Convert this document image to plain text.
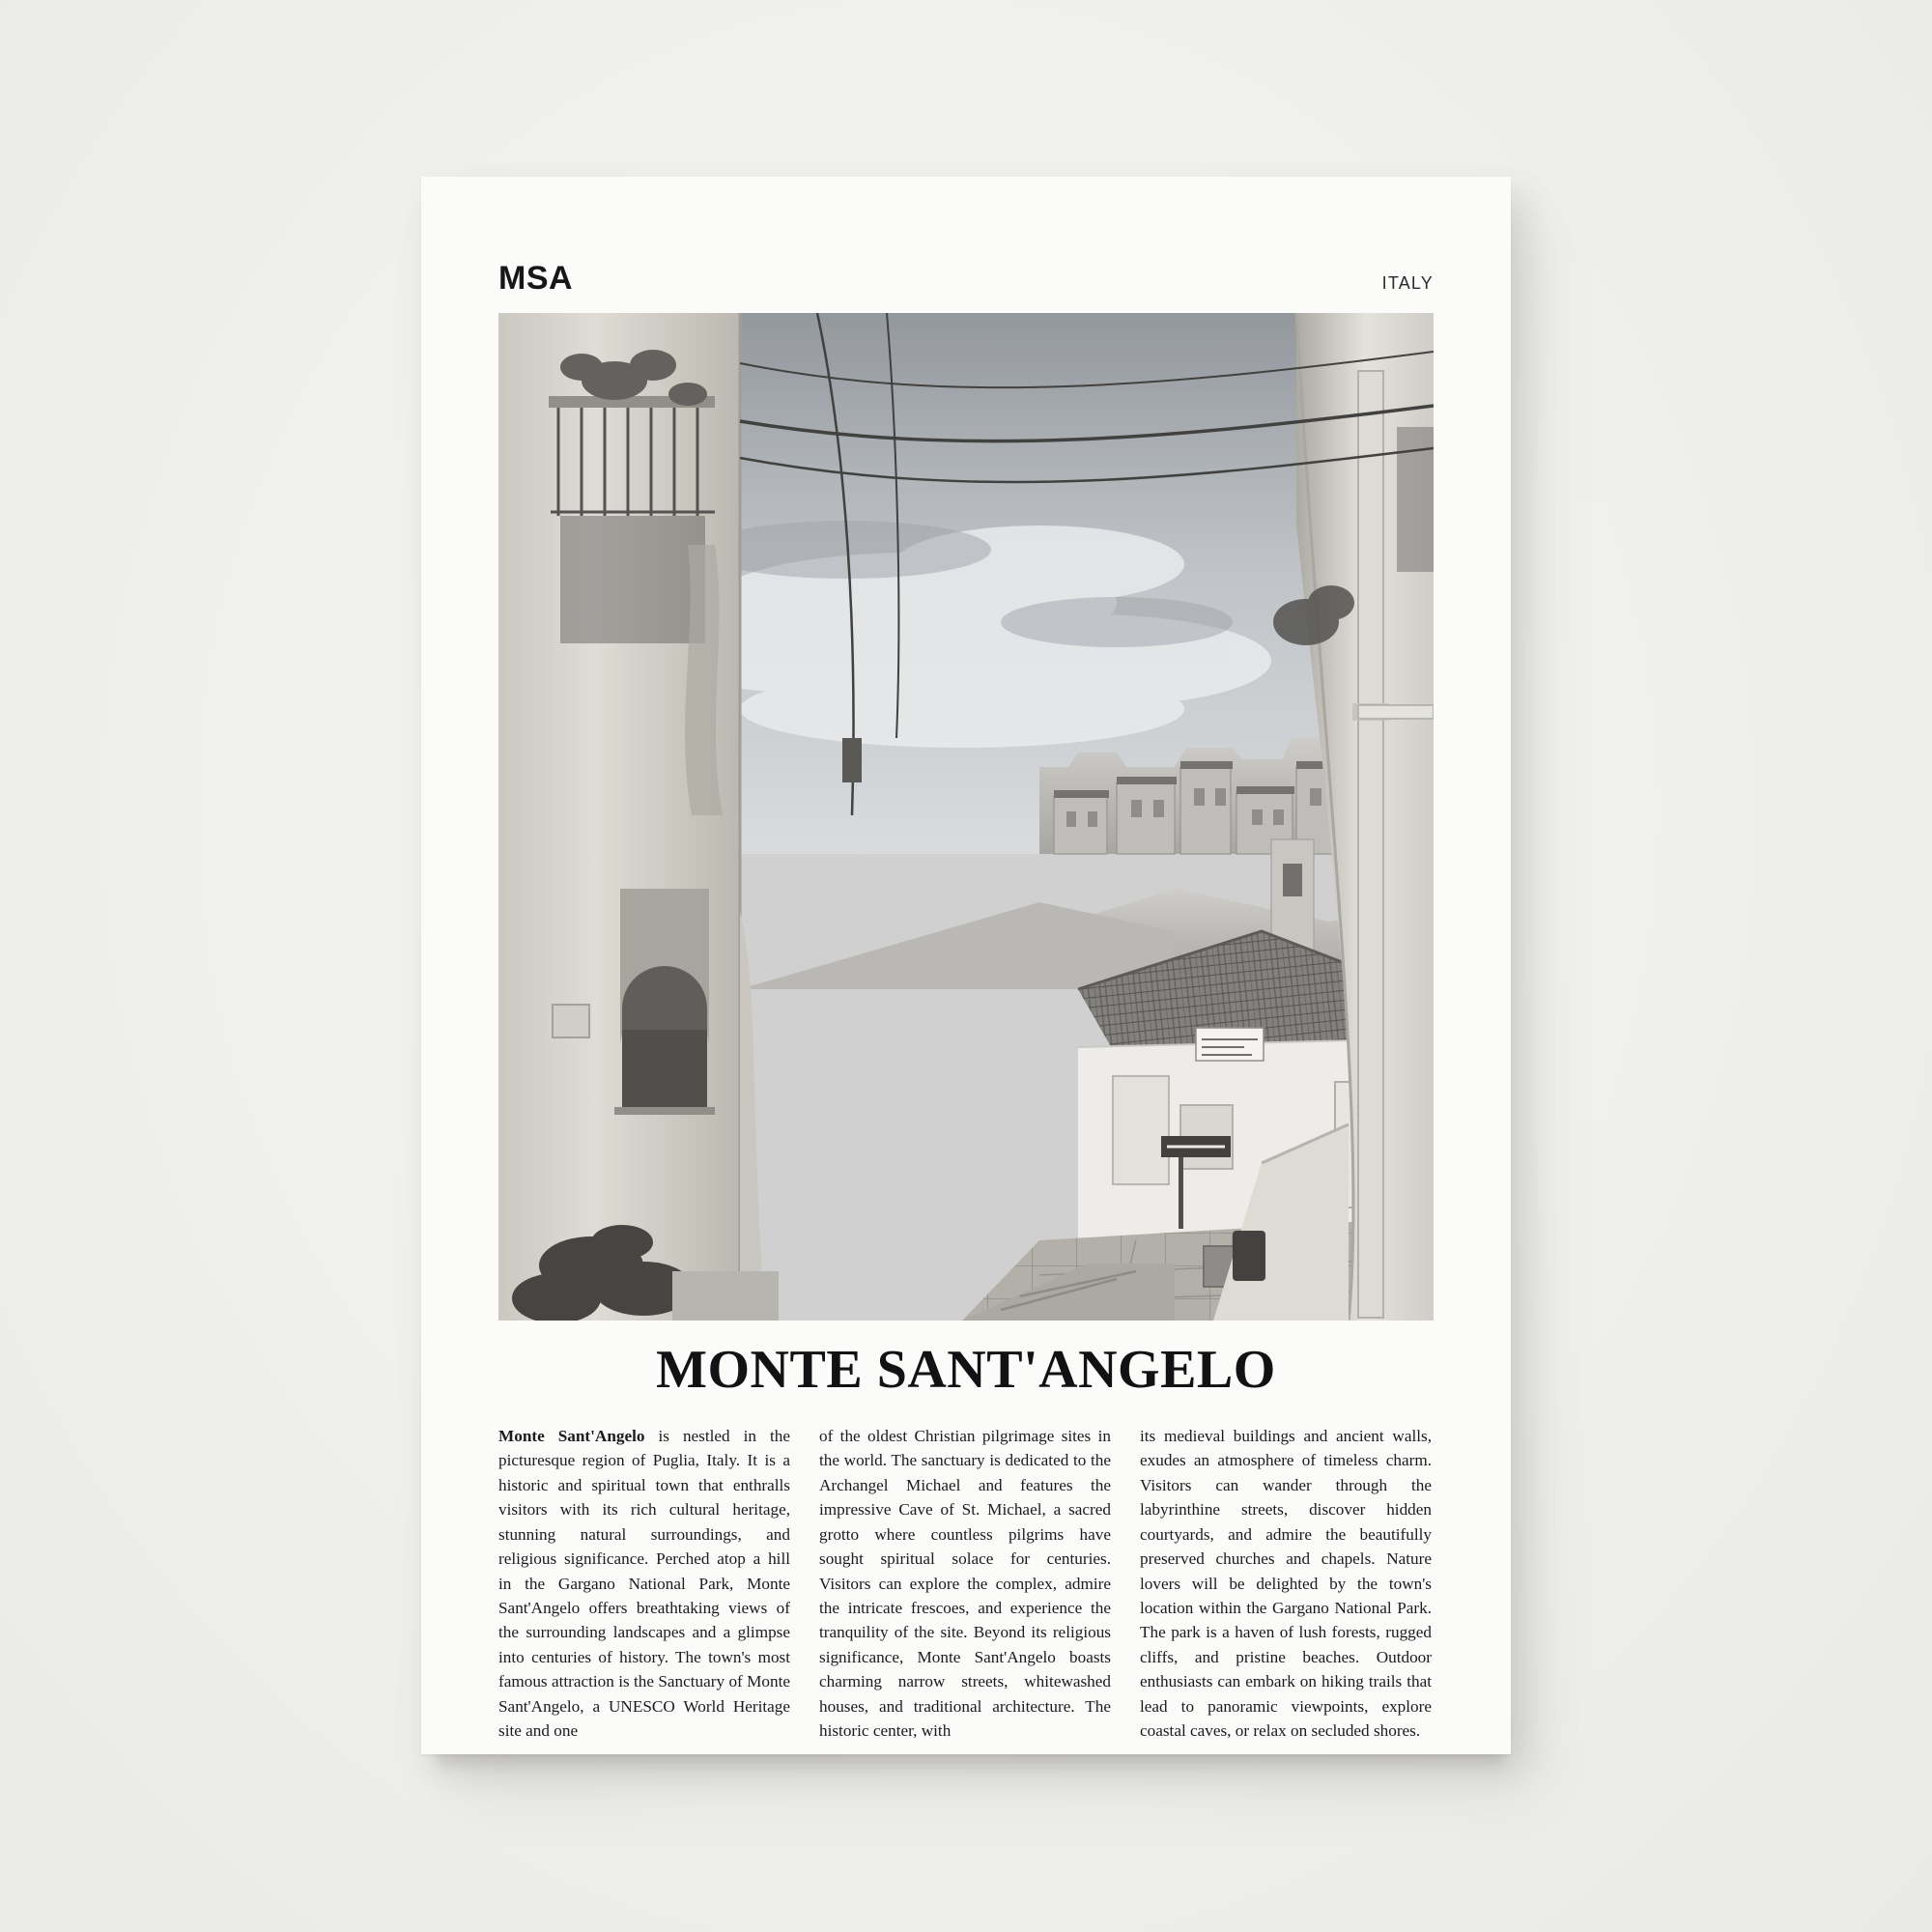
MSA	ITALY
MONTE SANT'ANGELO
Monte Sant'Angelo is nestled in the picturesque region of Puglia, Italy. It is a historic and spiritual town that enthralls visitors with its rich cultural heritage, stunning natural surroundings, and religious significance. Perched atop a hill in the Gargano National Park, Monte Sant'Angelo offers breathtaking views of the surrounding landscapes and a glimpse into centuries of history. The town's most famous attraction is the Sanctuary of Monte Sant'Angelo, a UNESCO World Heritage site and one
of the oldest Christian pilgrimage sites in the world. The sanctuary is dedicated to the Archangel Michael and features the impressive Cave of St. Michael, a sacred grotto where countless pilgrims have sought spiritual solace for centuries. Visitors can explore the complex, admire the intricate frescoes, and experience the tranquility of the site. Beyond its religious significance, Monte Sant'Angelo boasts charming narrow streets, whitewashed houses, and traditional architecture. The historic center, with
its medieval buildings and ancient walls, exudes an atmosphere of timeless charm. Visitors can wander through the labyrinthine streets, discover hidden courtyards, and admire the beautifully preserved churches and chapels. Nature lovers will be delighted by the town's location within the Gargano National Park. The park is a haven of lush forests, rugged cliffs, and pristine beaches. Outdoor enthusiasts can embark on hiking trails that lead to panoramic viewpoints, explore coastal caves, or relax on secluded shores.
